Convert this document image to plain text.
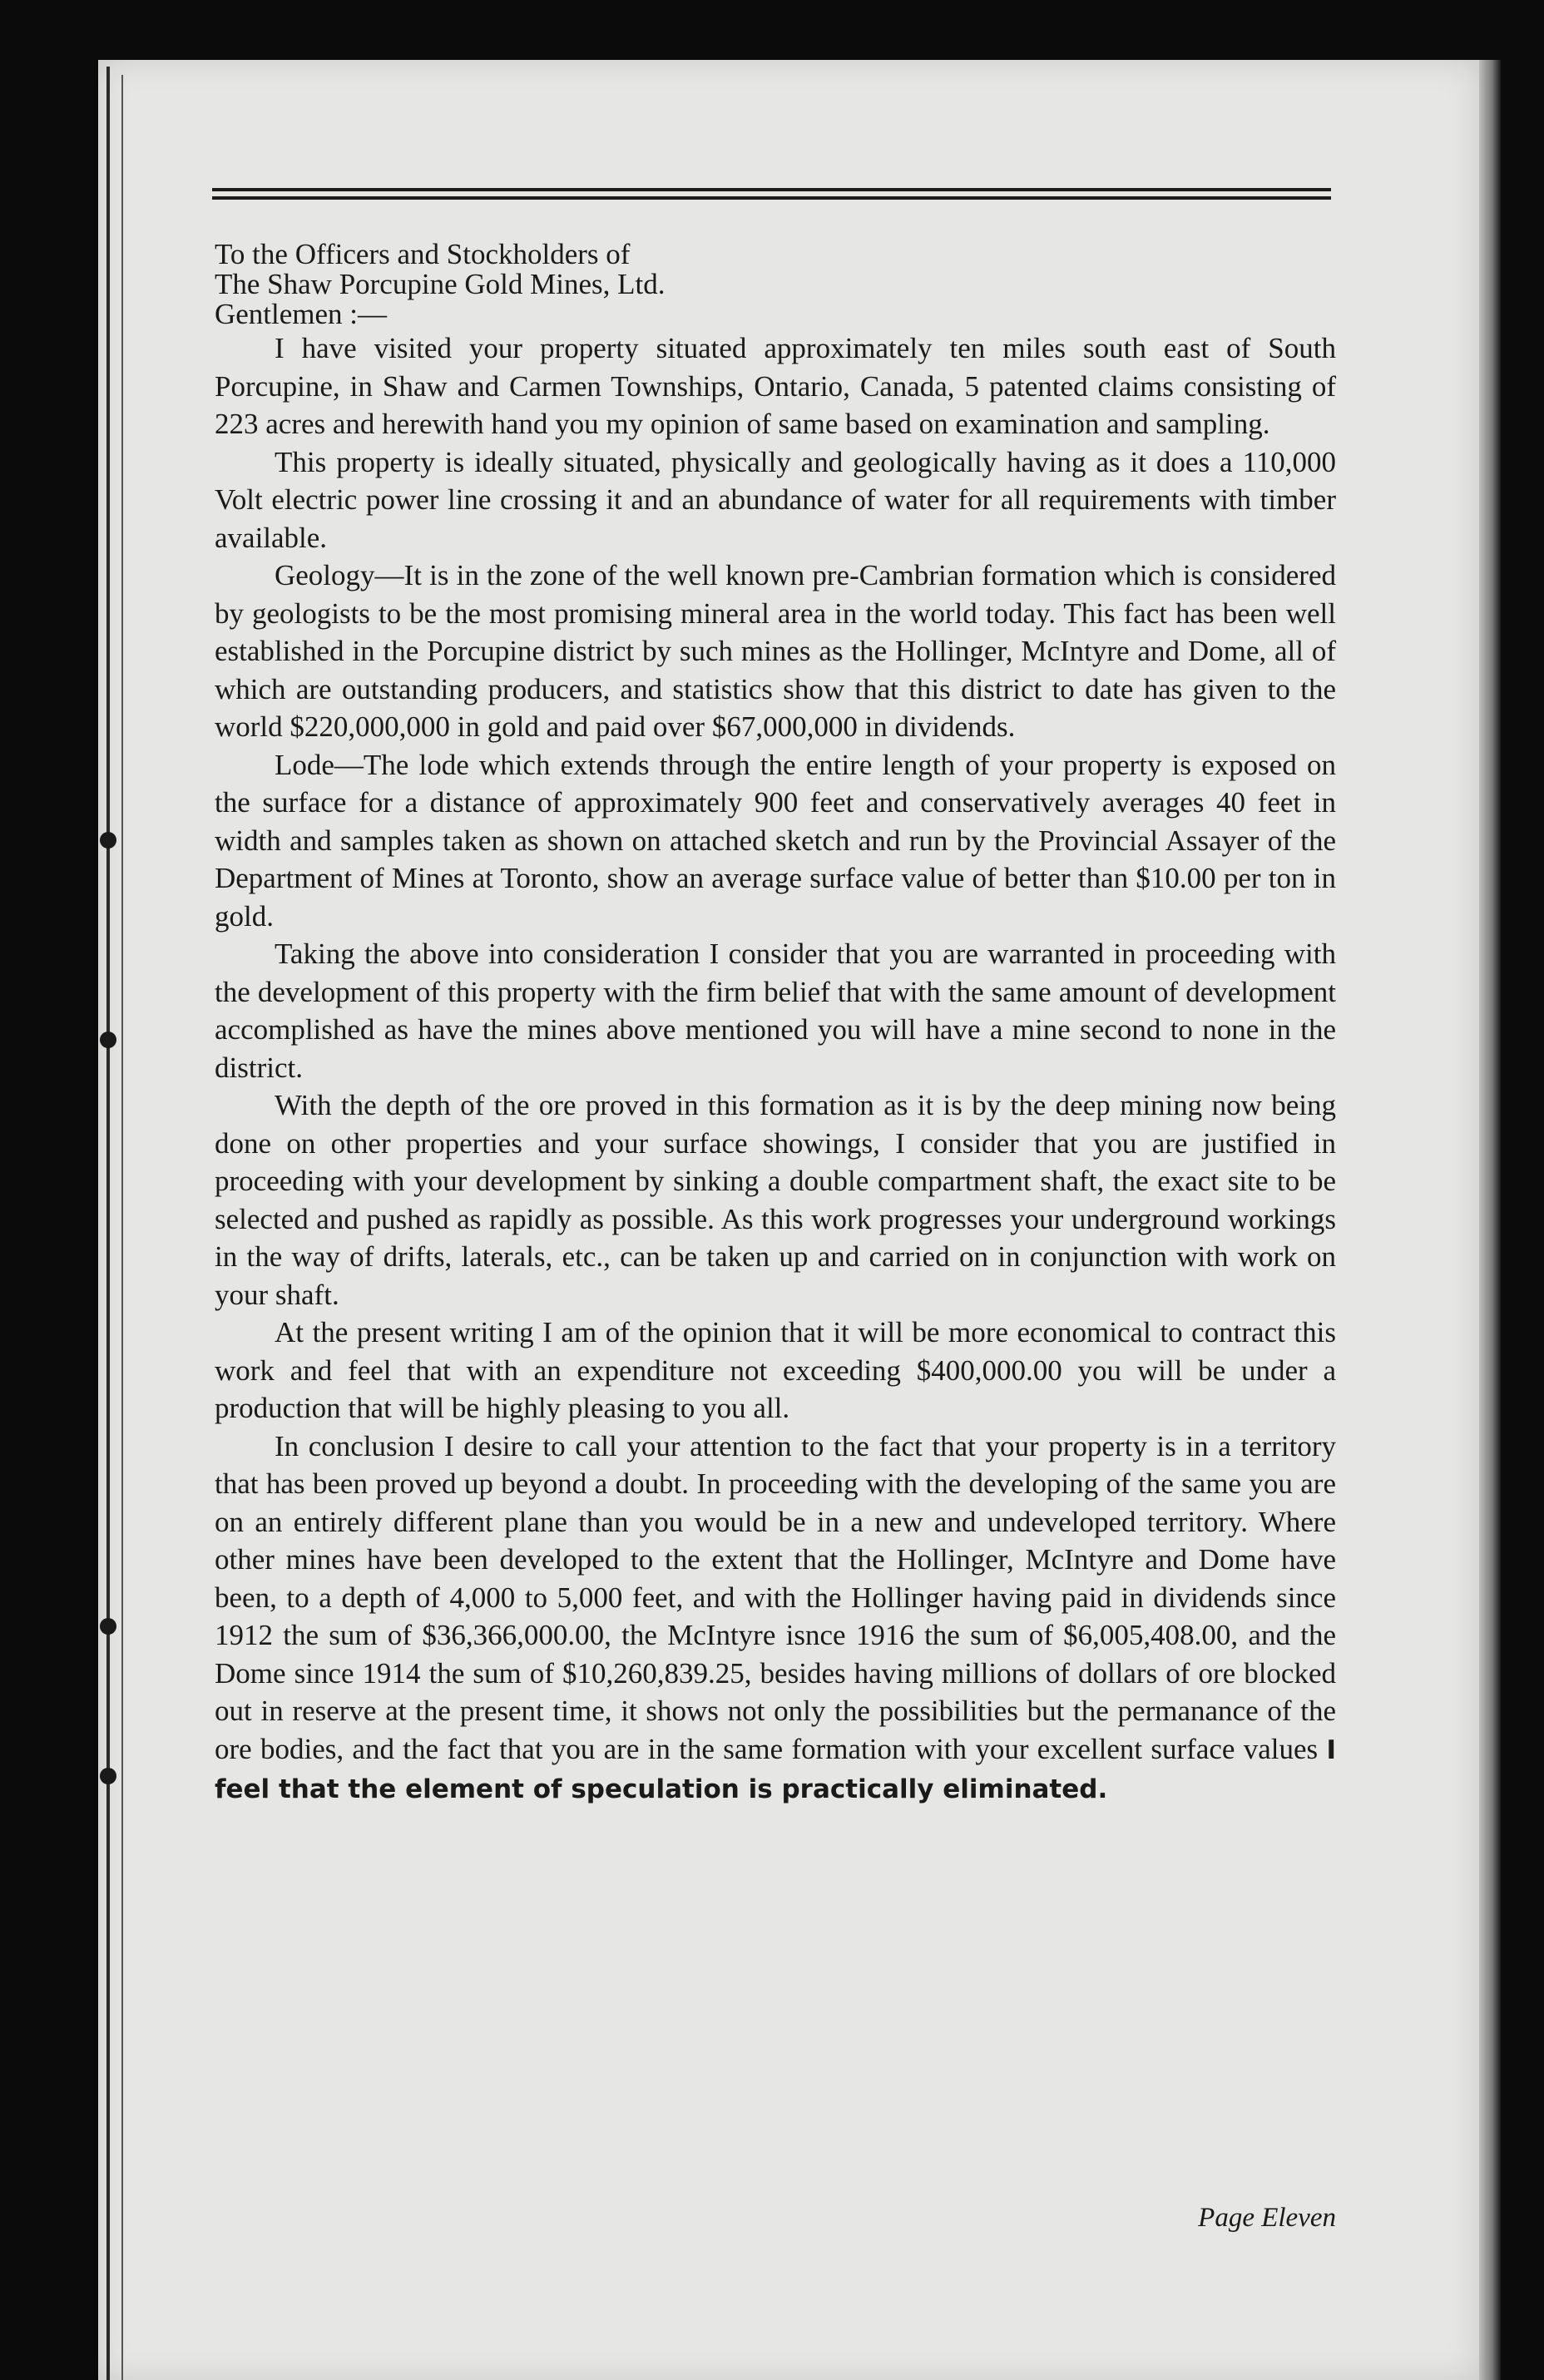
To the Officers and Stockholders of
The Shaw Porcupine Gold Mines, Ltd.
Gentlemen :—

I have visited your property situated approximately ten miles south east of South Porcupine, in Shaw and Carmen Townships, Ontario, Canada, 5 patented claims consisting of 223 acres and herewith hand you my opinion of same based on examination and sampling.

This property is ideally situated, physically and geologically having as it does a 110,000 Volt electric power line crossing it and an abundance of water for all requirements with timber available.

Geology—It is in the zone of the well known pre-Cambrian formation which is considered by geologists to be the most promising mineral area in the world today. This fact has been well established in the Porcupine district by such mines as the Hollinger, McIntyre and Dome, all of which are outstanding producers, and statistics show that this district to date has given to the world $220,000,000 in gold and paid over $67,000,000 in dividends.

Lode—The lode which extends through the entire length of your property is exposed on the surface for a distance of approximately 900 feet and conservatively averages 40 feet in width and samples taken as shown on attached sketch and run by the Provincial Assayer of the Department of Mines at Toronto, show an average surface value of better than $10.00 per ton in gold.

Taking the above into consideration I consider that you are warranted in proceeding with the development of this property with the firm belief that with the same amount of development accomplished as have the mines above mentioned you will have a mine second to none in the district.

With the depth of the ore proved in this formation as it is by the deep mining now being done on other properties and your surface showings, I consider that you are justified in proceeding with your development by sinking a double compartment shaft, the exact site to be selected and pushed as rapidly as possible. As this work progresses your underground workings in the way of drifts, laterals, etc., can be taken up and carried on in conjunction with work on your shaft.

At the present writing I am of the opinion that it will be more economical to contract this work and feel that with an expenditure not exceeding $400,000.00 you will be under a production that will be highly pleasing to you all.

In conclusion I desire to call your attention to the fact that your property is in a territory that has been proved up beyond a doubt. In proceeding with the developing of the same you are on an entirely different plane than you would be in a new and undeveloped territory. Where other mines have been developed to the extent that the Hollinger, McIntyre and Dome have been, to a depth of 4,000 to 5,000 feet, and with the Hollinger having paid in dividends since 1912 the sum of $36,366,000.00, the McIntyre isnce 1916 the sum of $6,005,408.00, and the Dome since 1914 the sum of $10,260,839.25, besides having millions of dollars of ore blocked out in reserve at the present time, it shows not only the possibilities but the permanance of the ore bodies, and the fact that you are in the same formation with your excellent surface values I feel that the element of speculation is practically eliminated.

Page Eleven
